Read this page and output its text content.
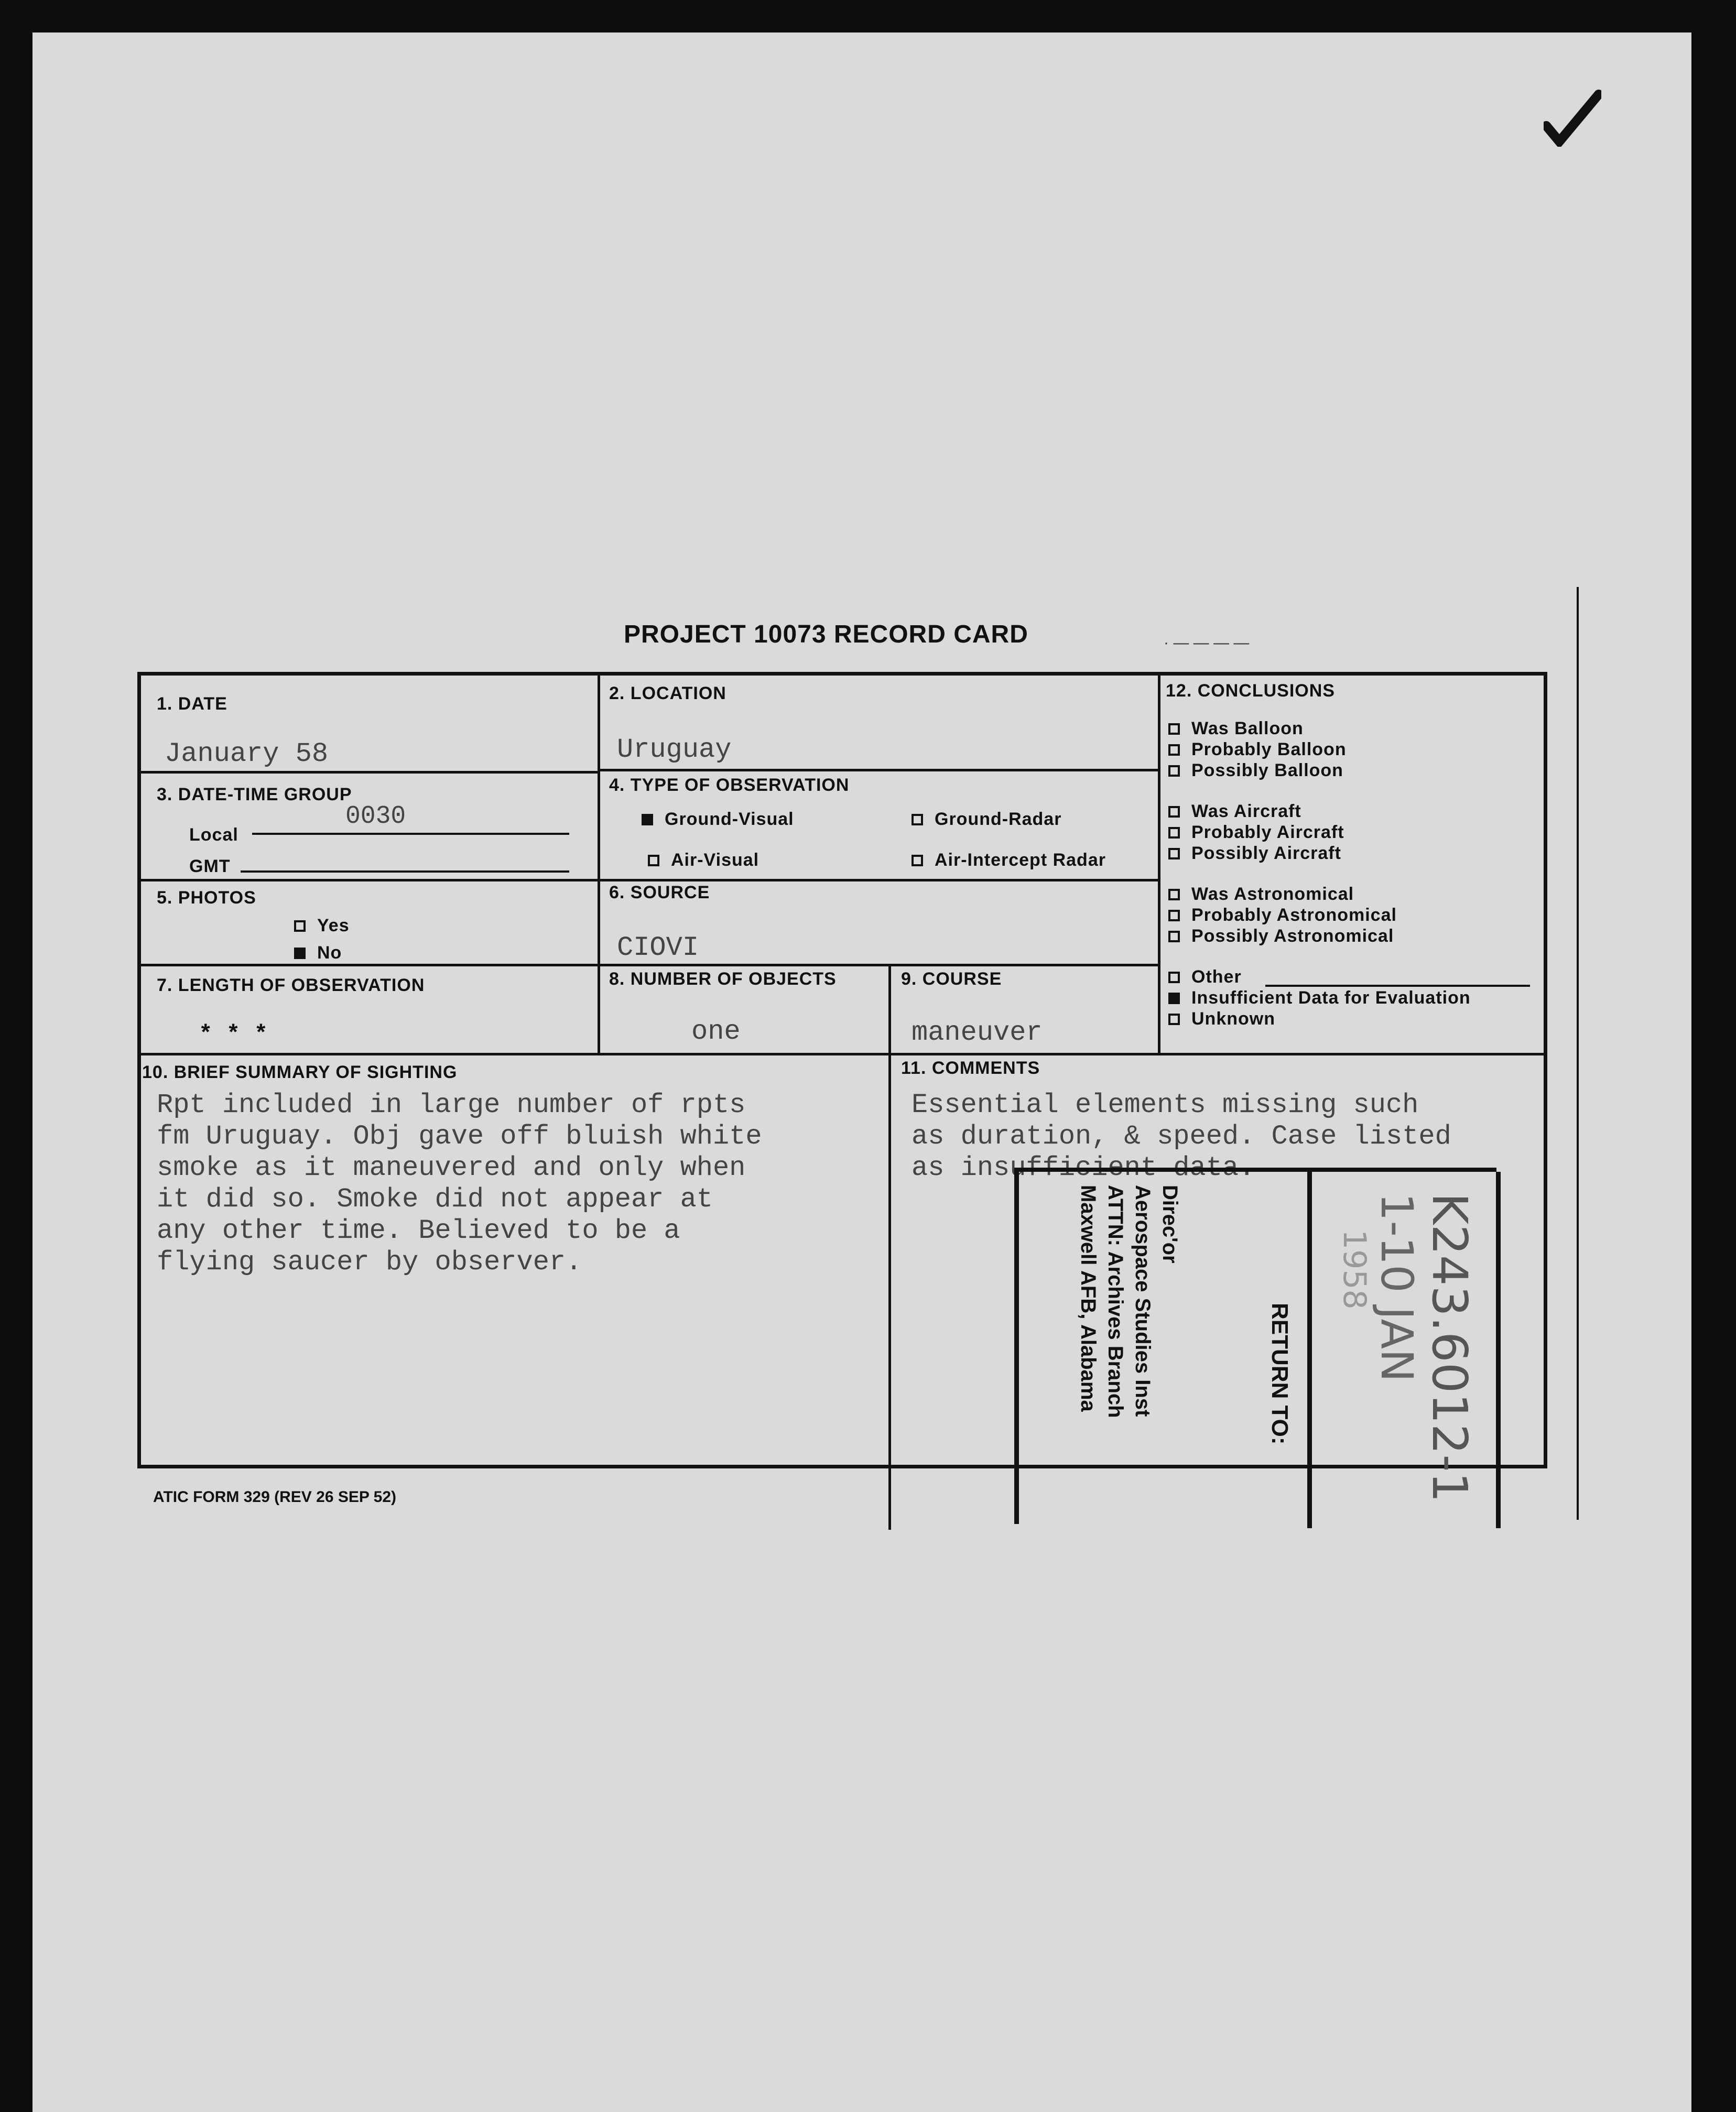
PROJECT 10073 RECORD CARD	· — — — —
1. DATE
January 58
2. LOCATION
Uruguay
3. DATE-TIME GROUP
Local
0030
GMT
4. TYPE OF OBSERVATION
Ground-Visual	Ground-Radar
Air-Visual	Air-Intercept Radar
5. PHOTOS
Yes
No
6. SOURCE
CIOVI
7. LENGTH OF OBSERVATION
* * *
8. NUMBER OF OBJECTS
one
9. COURSE
maneuver
10. BRIEF SUMMARY OF SIGHTING
Rpt included in large number of rpts
fm Uruguay. Obj gave off bluish white
smoke as it maneuvered and only when
it did so. Smoke did not appear at
any other time. Believed to be a
flying saucer by observer.
11. COMMENTS
Essential elements missing such
as duration, & speed. Case listed
as insufficient data.
12. CONCLUSIONS
Was Balloon
Probably Balloon
Possibly Balloon
Was Aircraft
Probably Aircraft
Possibly Aircraft
Was Astronomical
Probably Astronomical
Possibly Astronomical
Other
Insufficient Data for Evaluation
Unknown
ATIC FORM 329 (REV 26 SEP 52)
RETURN TO:
Direc'or
Aerospace Studies Inst
ATTN: Archives Branch
Maxwell AFB, Alabama	K243.6012-1
1-10 JAN
1958
